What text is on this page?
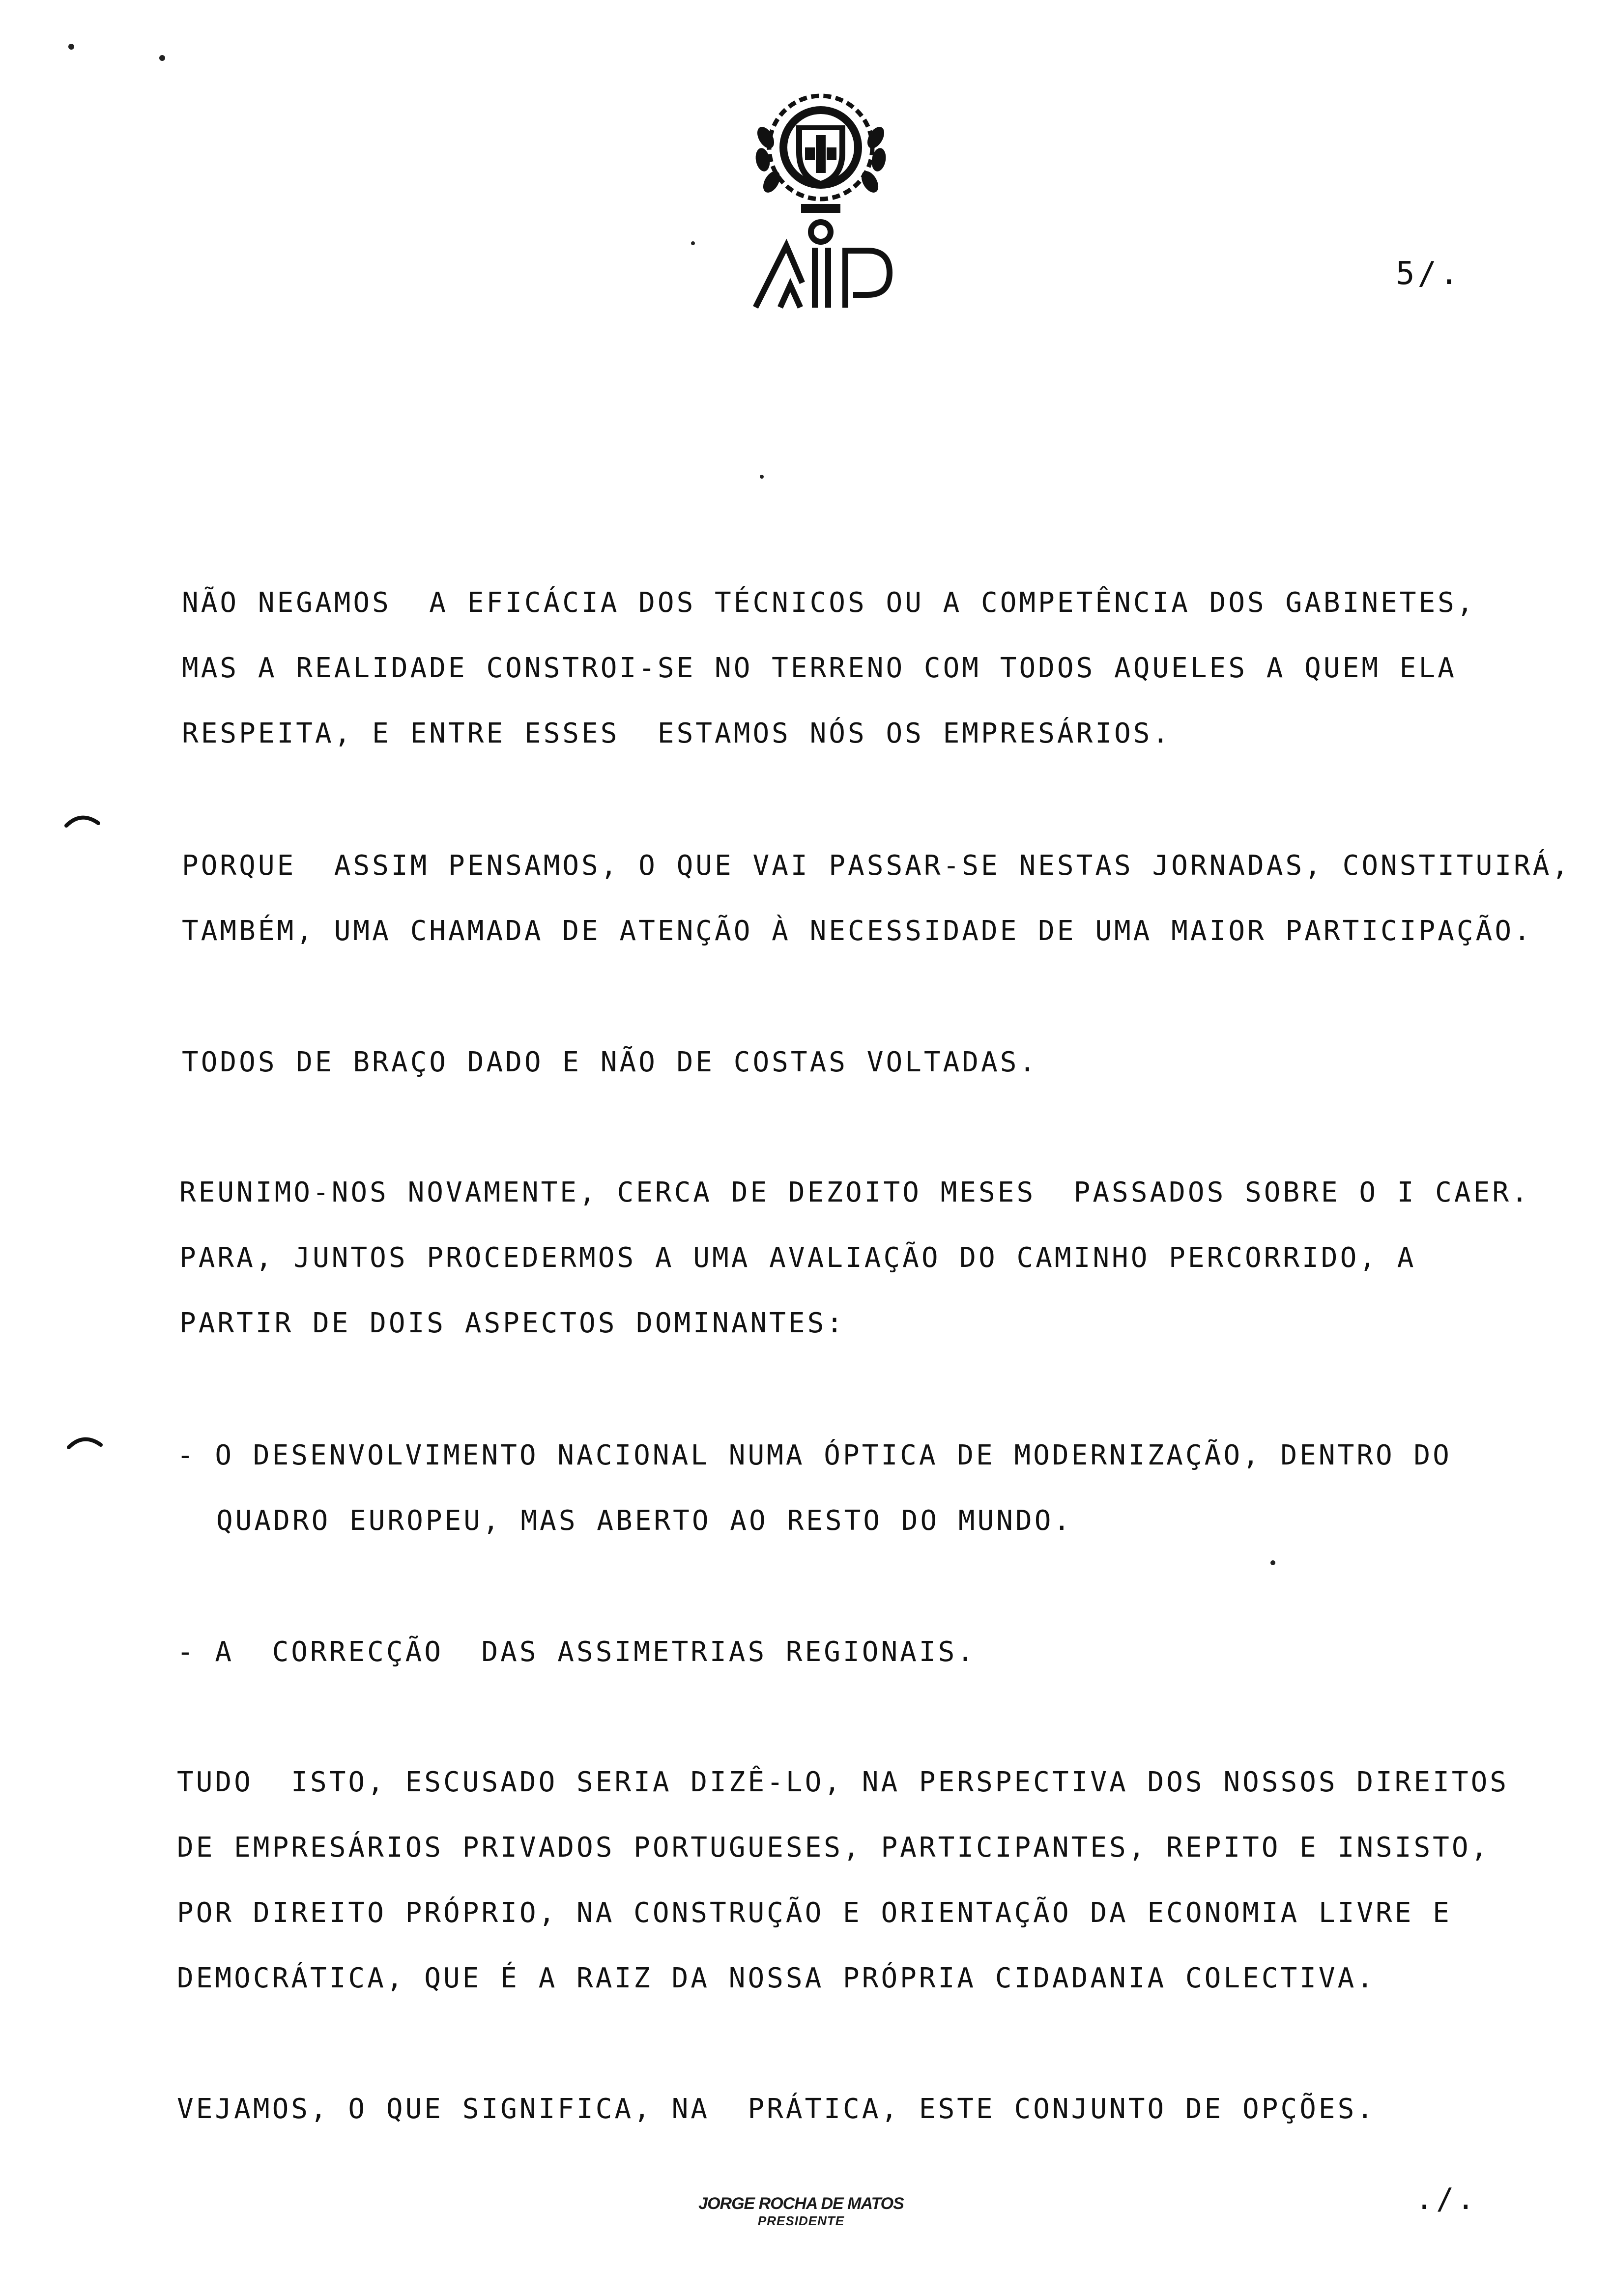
5/.
NÃO NEGAMOS  A EFICÁCIA DOS TÉCNICOS OU A COMPETÊNCIA DOS GABINETES,
MAS A REALIDADE CONSTROI-SE NO TERRENO COM TODOS AQUELES A QUEM ELA
RESPEITA, E ENTRE ESSES  ESTAMOS NÓS OS EMPRESÁRIOS.
PORQUE  ASSIM PENSAMOS, O QUE VAI PASSAR-SE NESTAS JORNADAS, CONSTITUIRÁ,
TAMBÉM, UMA CHAMADA DE ATENÇÃO À NECESSIDADE DE UMA MAIOR PARTICIPAÇÃO.
TODOS DE BRAÇO DADO E NÃO DE COSTAS VOLTADAS.
REUNIMO-NOS NOVAMENTE, CERCA DE DEZOITO MESES  PASSADOS SOBRE O I CAER.
PARA, JUNTOS PROCEDERMOS A UMA AVALIAÇÃO DO CAMINHO PERCORRIDO, A
PARTIR DE DOIS ASPECTOS DOMINANTES:
- O DESENVOLVIMENTO NACIONAL NUMA ÓPTICA DE MODERNIZAÇÃO, DENTRO DO
QUADRO EUROPEU, MAS ABERTO AO RESTO DO MUNDO.
- A  CORRECÇÃO  DAS ASSIMETRIAS REGIONAIS.
TUDO  ISTO, ESCUSADO SERIA DIZÊ-LO, NA PERSPECTIVA DOS NOSSOS DIREITOS
DE EMPRESÁRIOS PRIVADOS PORTUGUESES, PARTICIPANTES, REPITO E INSISTO,
POR DIREITO PRÓPRIO, NA CONSTRUÇÃO E ORIENTAÇÃO DA ECONOMIA LIVRE E
DEMOCRÁTICA, QUE É A RAIZ DA NOSSA PRÓPRIA CIDADANIA COLECTIVA.
VEJAMOS, O QUE SIGNIFICA, NA  PRÁTICA, ESTE CONJUNTO DE OPÇÕES.
./.
JORGE ROCHA DE MATOS
PRESIDENTE
